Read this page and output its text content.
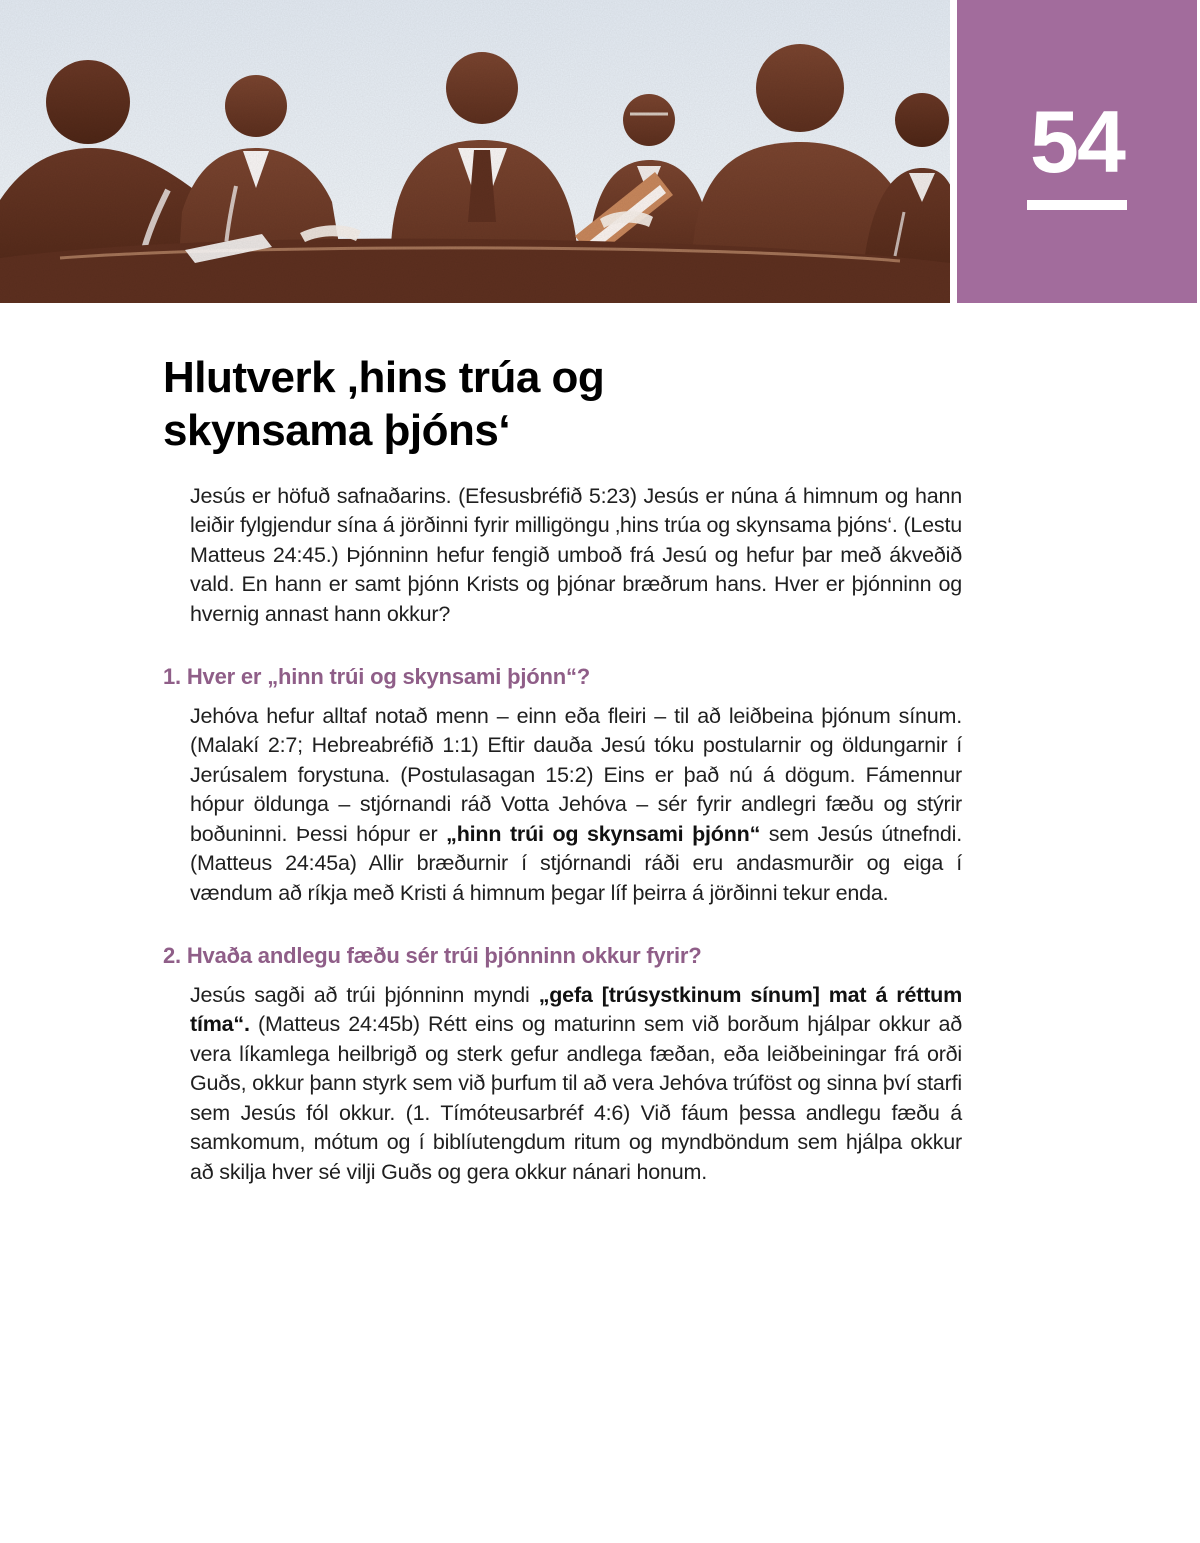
54
Hlutverk ‚hins trúa og
skynsama þjóns‘

Jesús er höfuð safnaðarins. (Efesusbréfið 5:23) Jesús er núna á himnum og hann leiðir fylgjendur sína á jörðinni fyrir milligöngu ‚hins trúa og skynsama þjóns‘. (Lestu Matteus 24:45.) Þjónninn hefur fengið umboð frá Jesú og hefur þar með ákveðið vald. En hann er samt þjónn Krists og þjónar bræðrum hans. Hver er þjónninn og hvernig annast hann okkur?

1. Hver er „hinn trúi og skynsami þjónn“?

Jehóva hefur alltaf notað menn – einn eða fleiri – til að leiðbeina þjónum sínum. (Malakí 2:7; Hebreabréfið 1:1) Eftir dauða Jesú tóku postularnir og öldungarnir í Jerúsalem forystuna. (Postulasagan 15:2) Eins er það nú á dögum. Fámennur hópur öldunga – stjórnandi ráð Votta Jehóva – sér fyrir andlegri fæðu og stýrir boðuninni. Þessi hópur er „hinn trúi og skynsami þjónn“ sem Jesús útnefndi. (Matteus 24:45a) Allir bræðurnir í stjórnandi ráði eru andasmurðir og eiga í vændum að ríkja með Kristi á himnum þegar líf þeirra á jörðinni tekur enda.

2. Hvaða andlegu fæðu sér trúi þjónninn okkur fyrir?

Jesús sagði að trúi þjónninn myndi „gefa [trúsystkinum sínum] mat á réttum tíma“. (Matteus 24:45b) Rétt eins og maturinn sem við borðum hjálpar okkur að vera líkamlega heilbrigð og sterk gefur andlega fæðan, eða leiðbeiningar frá orði Guðs, okkur þann styrk sem við þurfum til að vera Jehóva trúföst og sinna því starfi sem Jesús fól okkur. (1. Tímóteusarbréf 4:6) Við fáum þessa andlegu fæðu á samkomum, mótum og í biblíutengdum ritum og myndböndum sem hjálpa okkur að skilja hver sé vilji Guðs og gera okkur nánari honum.
